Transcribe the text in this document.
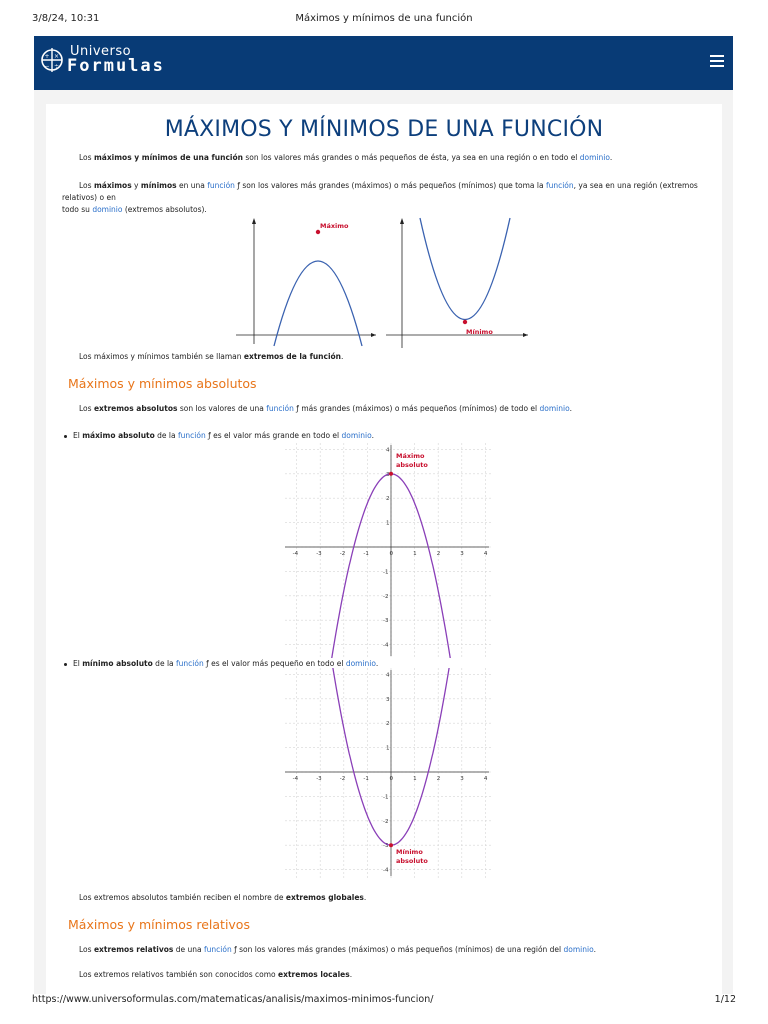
3/8/24, 10:31	Máximos y mínimos de una función
+ ×
− ÷
Universo
Formulas
MÁXIMOS Y MÍNIMOS DE UNA FUNCIÓN
Los máximos y mínimos de una función son los valores más grandes o más pequeños de ésta, ya sea en una región o en todo el dominio.
Los máximos y mínimos en una función ƒ son los valores más grandes (máximos) o más pequeños (mínimos) que toma la función, ya sea en una región (extremos relativos) o en
todo su dominio (extremos absolutos).
Máximo
Mínimo
Los máximos y mínimos también se llaman extremos de la función.
Máximos y mínimos absolutos
Los extremos absolutos son los valores de una función ƒ más grandes (máximos) o más pequeños (mínimos) de todo el dominio.
El máximo absoluto de la función ƒ es el valor más grande en todo el dominio.
-4	-3	-2	-1	0	1	2	3	4
4
3
2
1
-1
-2
-3
-4
Máximo
absoluto
El mínimo absoluto de la función ƒ es el valor más pequeño en todo el dominio.
-4	-3	-2	-1	0	1	2	3	4
4
3
2
1
-1
-2
-3
-4
Mínimo
absoluto
Los extremos absolutos también reciben el nombre de extremos globales.
Máximos y mínimos relativos
Los extremos relativos de una función ƒ son los valores más grandes (máximos) o más pequeños (mínimos) de una región del dominio.
Los extremos relativos también son conocidos como extremos locales.
https://www.universoformulas.com/matematicas/analisis/maximos-minimos-funcion/	1/12
